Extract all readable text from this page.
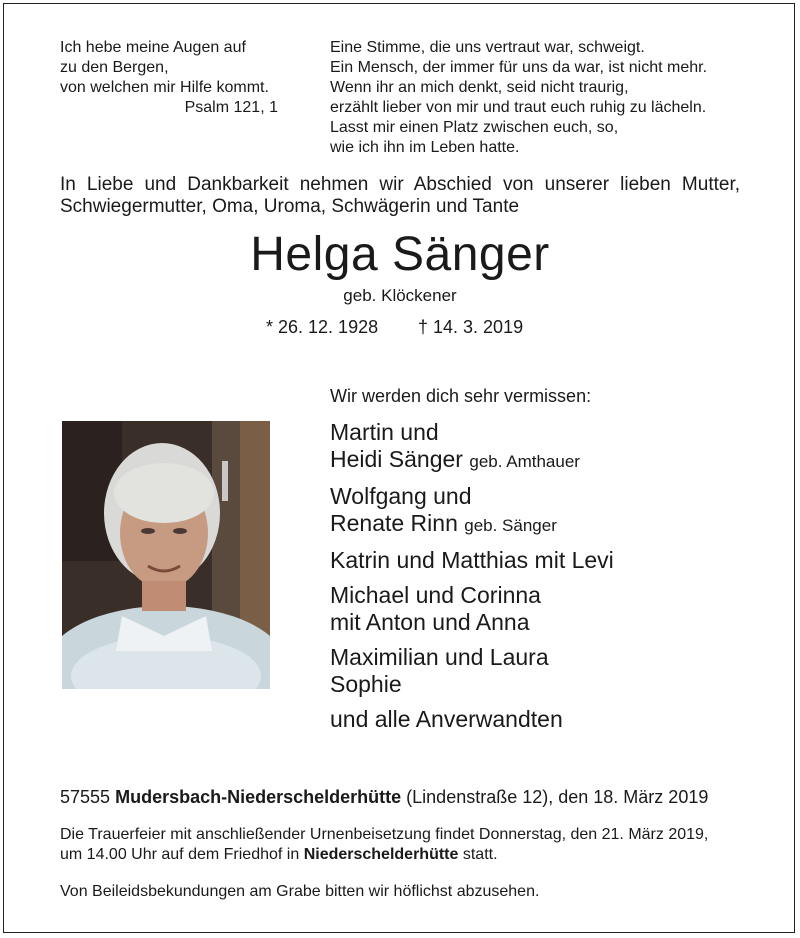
Ich hebe meine Augen auf
zu den Bergen,
von welchen mir Hilfe kommt.
Psalm 121, 1
Eine Stimme, die uns vertraut war, schweigt.
Ein Mensch, der immer für uns da war, ist nicht mehr.
Wenn ihr an mich denkt, seid nicht traurig,
erzählt lieber von mir und traut euch ruhig zu lächeln.
Lasst mir einen Platz zwischen euch, so,
wie ich ihn im Leben hatte.
In Liebe und Dankbarkeit nehmen wir Abschied von unserer lieben Mutter,
Schwiegermutter, Oma, Uroma, Schwägerin und Tante
Helga Sänger
geb. Klöckener
* 26. 12. 1928 † 14. 3. 2019
Wir werden dich sehr vermissen:
Martin und
Heidi Sänger geb. Amthauer
Wolfgang und
Renate Rinn geb. Sänger
Katrin und Matthias mit Levi
Michael und Corinna
mit Anton und Anna
Maximilian und Laura
Sophie
und alle Anverwandten
57555 Mudersbach-Niederschelderhütte (Lindenstraße 12), den 18. März 2019
Die Trauerfeier mit anschließender Urnenbeisetzung findet Donnerstag, den 21. März 2019,
um 14.00 Uhr auf dem Friedhof in Niederschelderhütte statt.
Von Beileidsbekundungen am Grabe bitten wir höflichst abzusehen.
